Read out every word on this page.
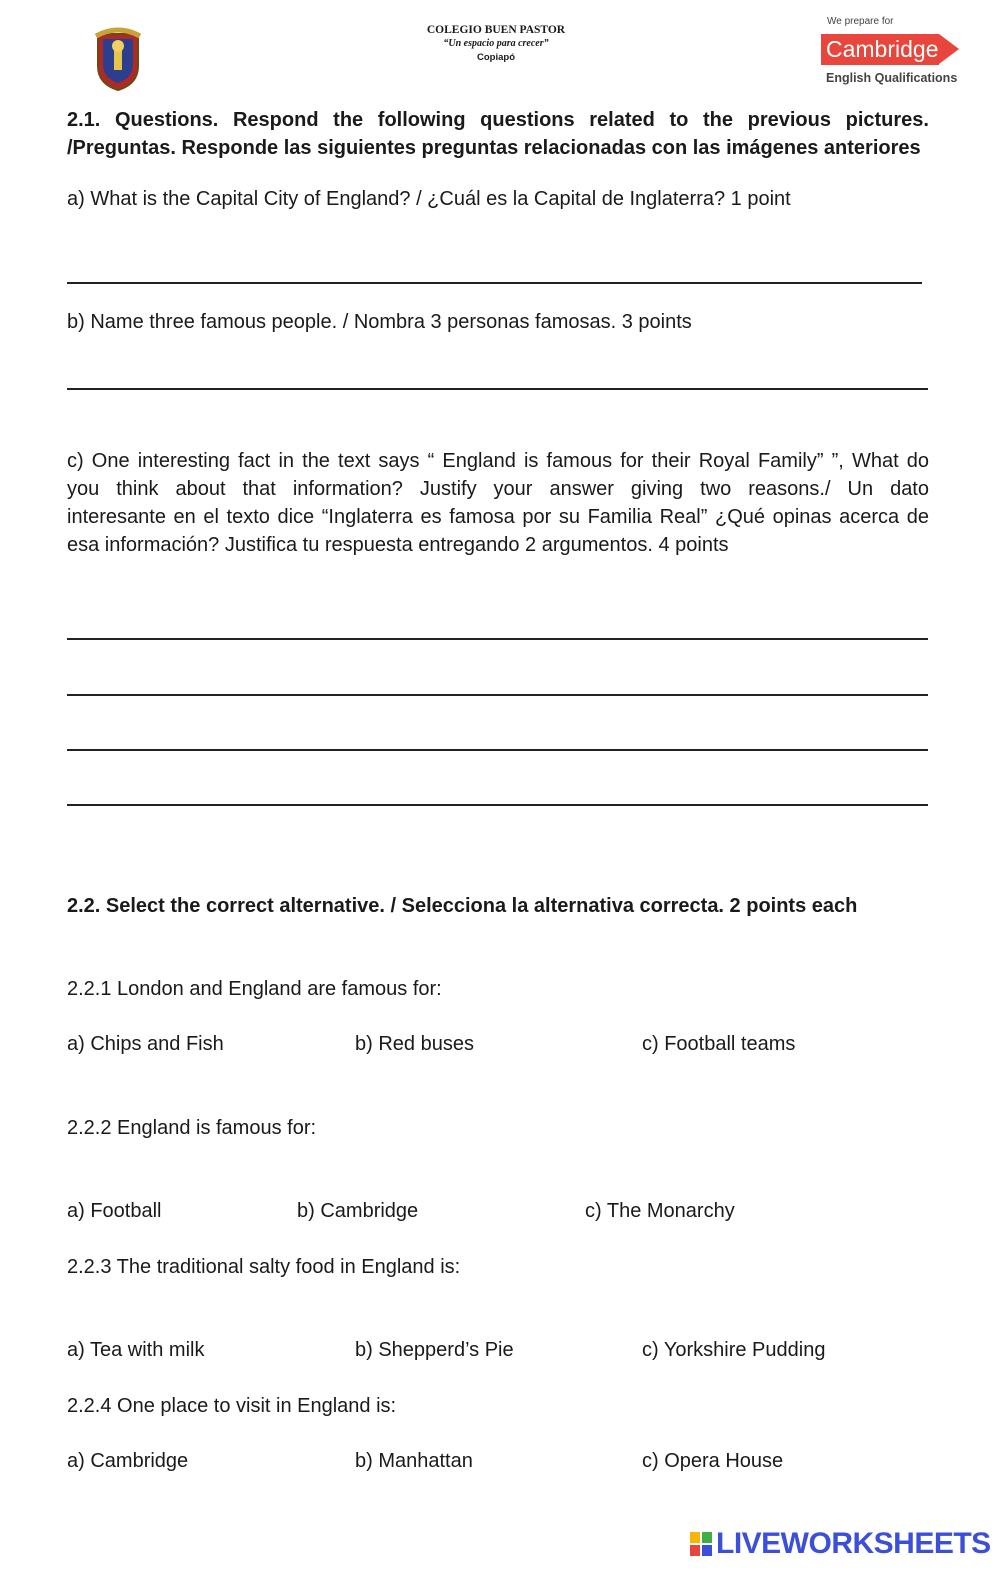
COLEGIO BUEN PASTOR
“Un espacio para crecer”
Copiapó
We prepare for
Cambridge
English Qualifications
2.1. Questions. Respond the following questions related to the previous pictures.
/Preguntas. Responde las siguientes preguntas relacionadas con las imágenes anteriores
a) What is the Capital City of England? / ¿Cuál es la Capital de Inglaterra? 1 point
b) Name three famous people. / Nombra 3 personas famosas. 3 points
c) One interesting fact in the text says “ England is famous for their Royal Family” ”, What do
you think about that information? Justify your answer giving two reasons./ Un dato
interesante en el texto dice “Inglaterra es famosa por su Familia Real” ¿Qué opinas acerca de
esa información? Justifica tu respuesta entregando 2 argumentos. 4 points
2.2. Select the correct alternative. / Selecciona la alternativa correcta. 2 points each
2.2.1 London and England are famous for:
a) Chips and Fish	b) Red buses	c) Football teams
2.2.2 England is famous for:
a) Football	b) Cambridge	c) The Monarchy
2.2.3 The traditional salty food in England is:
a) Tea with milk	b) Shepperd’s Pie	c) Yorkshire Pudding
2.2.4 One place to visit in England is:
a) Cambridge	b) Manhattan	c) Opera House
LIVEWORKSHEETS
